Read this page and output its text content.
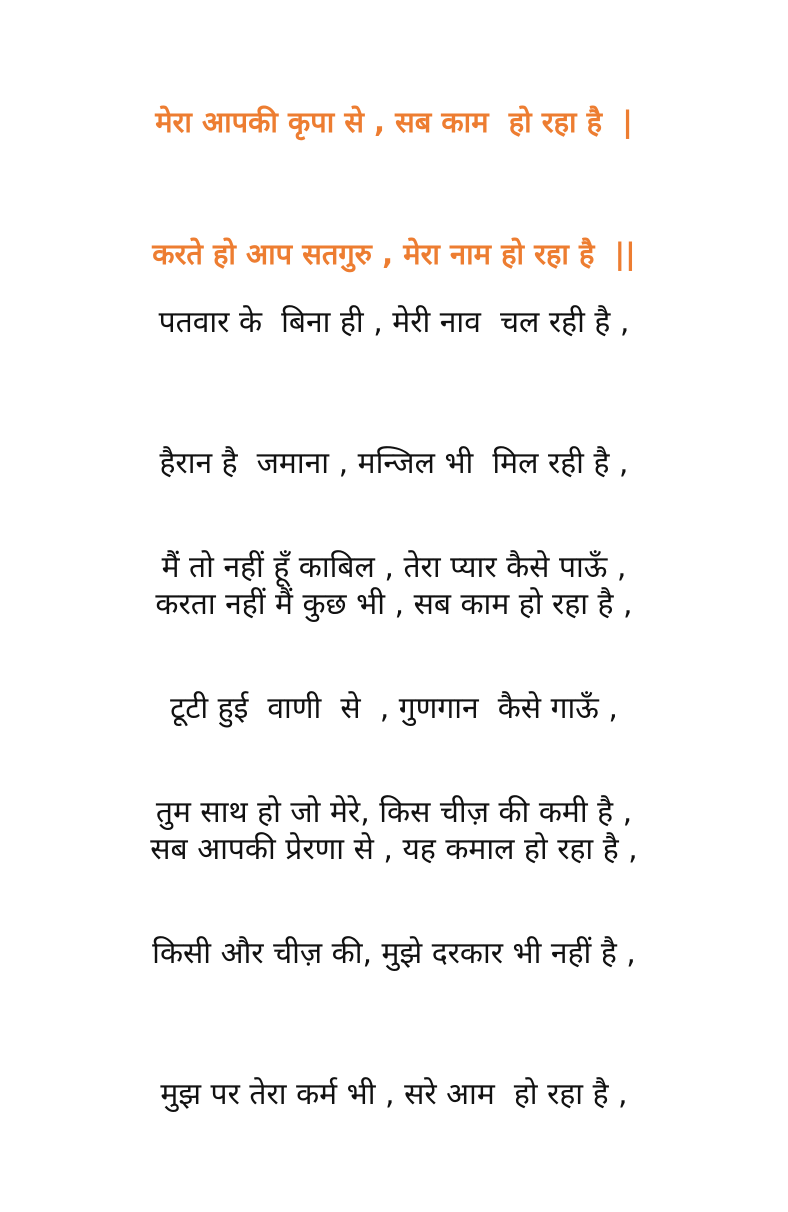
मेरा आपकी कृपा से , सब काम  हो रहा है  |

करते हो आप सतगुरु , मेरा नाम हो रहा है  ||

पतवार के  बिना ही , मेरी नाव  चल रही है ,

हैरान है  जमाना , मन्जिल भी  मिल रही है ,

करता नहीं मैं कुछ भी , सब काम हो रहा है ,

मैं तो नहीं हूँ काबिल , तेरा प्यार कैसे पाऊँ ,

टूटी हुई  वाणी  से  , गुणगान  कैसे गाऊँ ,

सब आपकी प्रेरणा से , यह कमाल हो रहा है ,

तुम साथ हो जो मेरे, किस चीज़ की कमी है ,

किसी और चीज़ की, मुझे दरकार भी नहीं है ,

मुझ पर तेरा कर्म भी , सरे आम  हो रहा है ,
